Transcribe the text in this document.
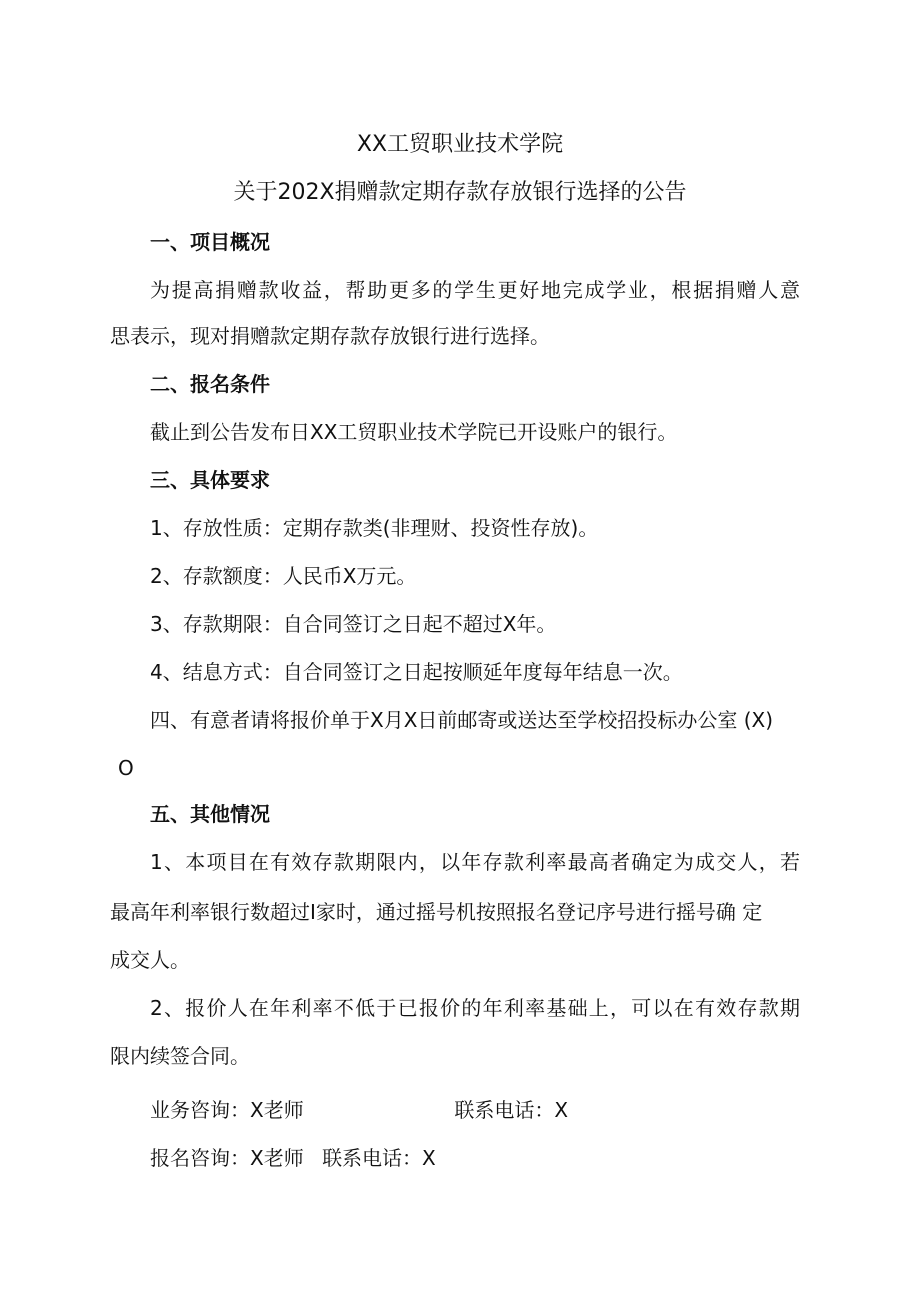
XX工贸职业技术学院
关于202X捐赠款定期存款存放银行选择的公告
一、项目概况
为提高捐赠款收益，帮助更多的学生更好地完成学业，根据捐赠人意
思表示，现对捐赠款定期存款存放银行进行选择。
二、报名条件
截止到公告发布日XX工贸职业技术学院已开设账户的银行。
三、具体要求
1、存放性质：定期存款类(非理财、投资性存放)。
2、存款额度：人民币X万元。
3、存款期限：自合同签订之日起不超过X年。
4、结息方式：自合同签订之日起按顺延年度每年结息一次。
四、有意者请将报价单于X月X日前邮寄或送达至学校招投标办公室 (X)
O
五、其他情况
1、本项目在有效存款期限内，以年存款利率最高者确定为成交人，若
最高年利率银行数超过I家时，通过摇号机按照报名登记序号进行摇号确 定
成交人。
2、报价人在年利率不低于已报价的年利率基础上，可以在有效存款期
限内续签合同。
业务咨询：X老师	联系电话：X
报名咨询：X老师 联系电话：X
